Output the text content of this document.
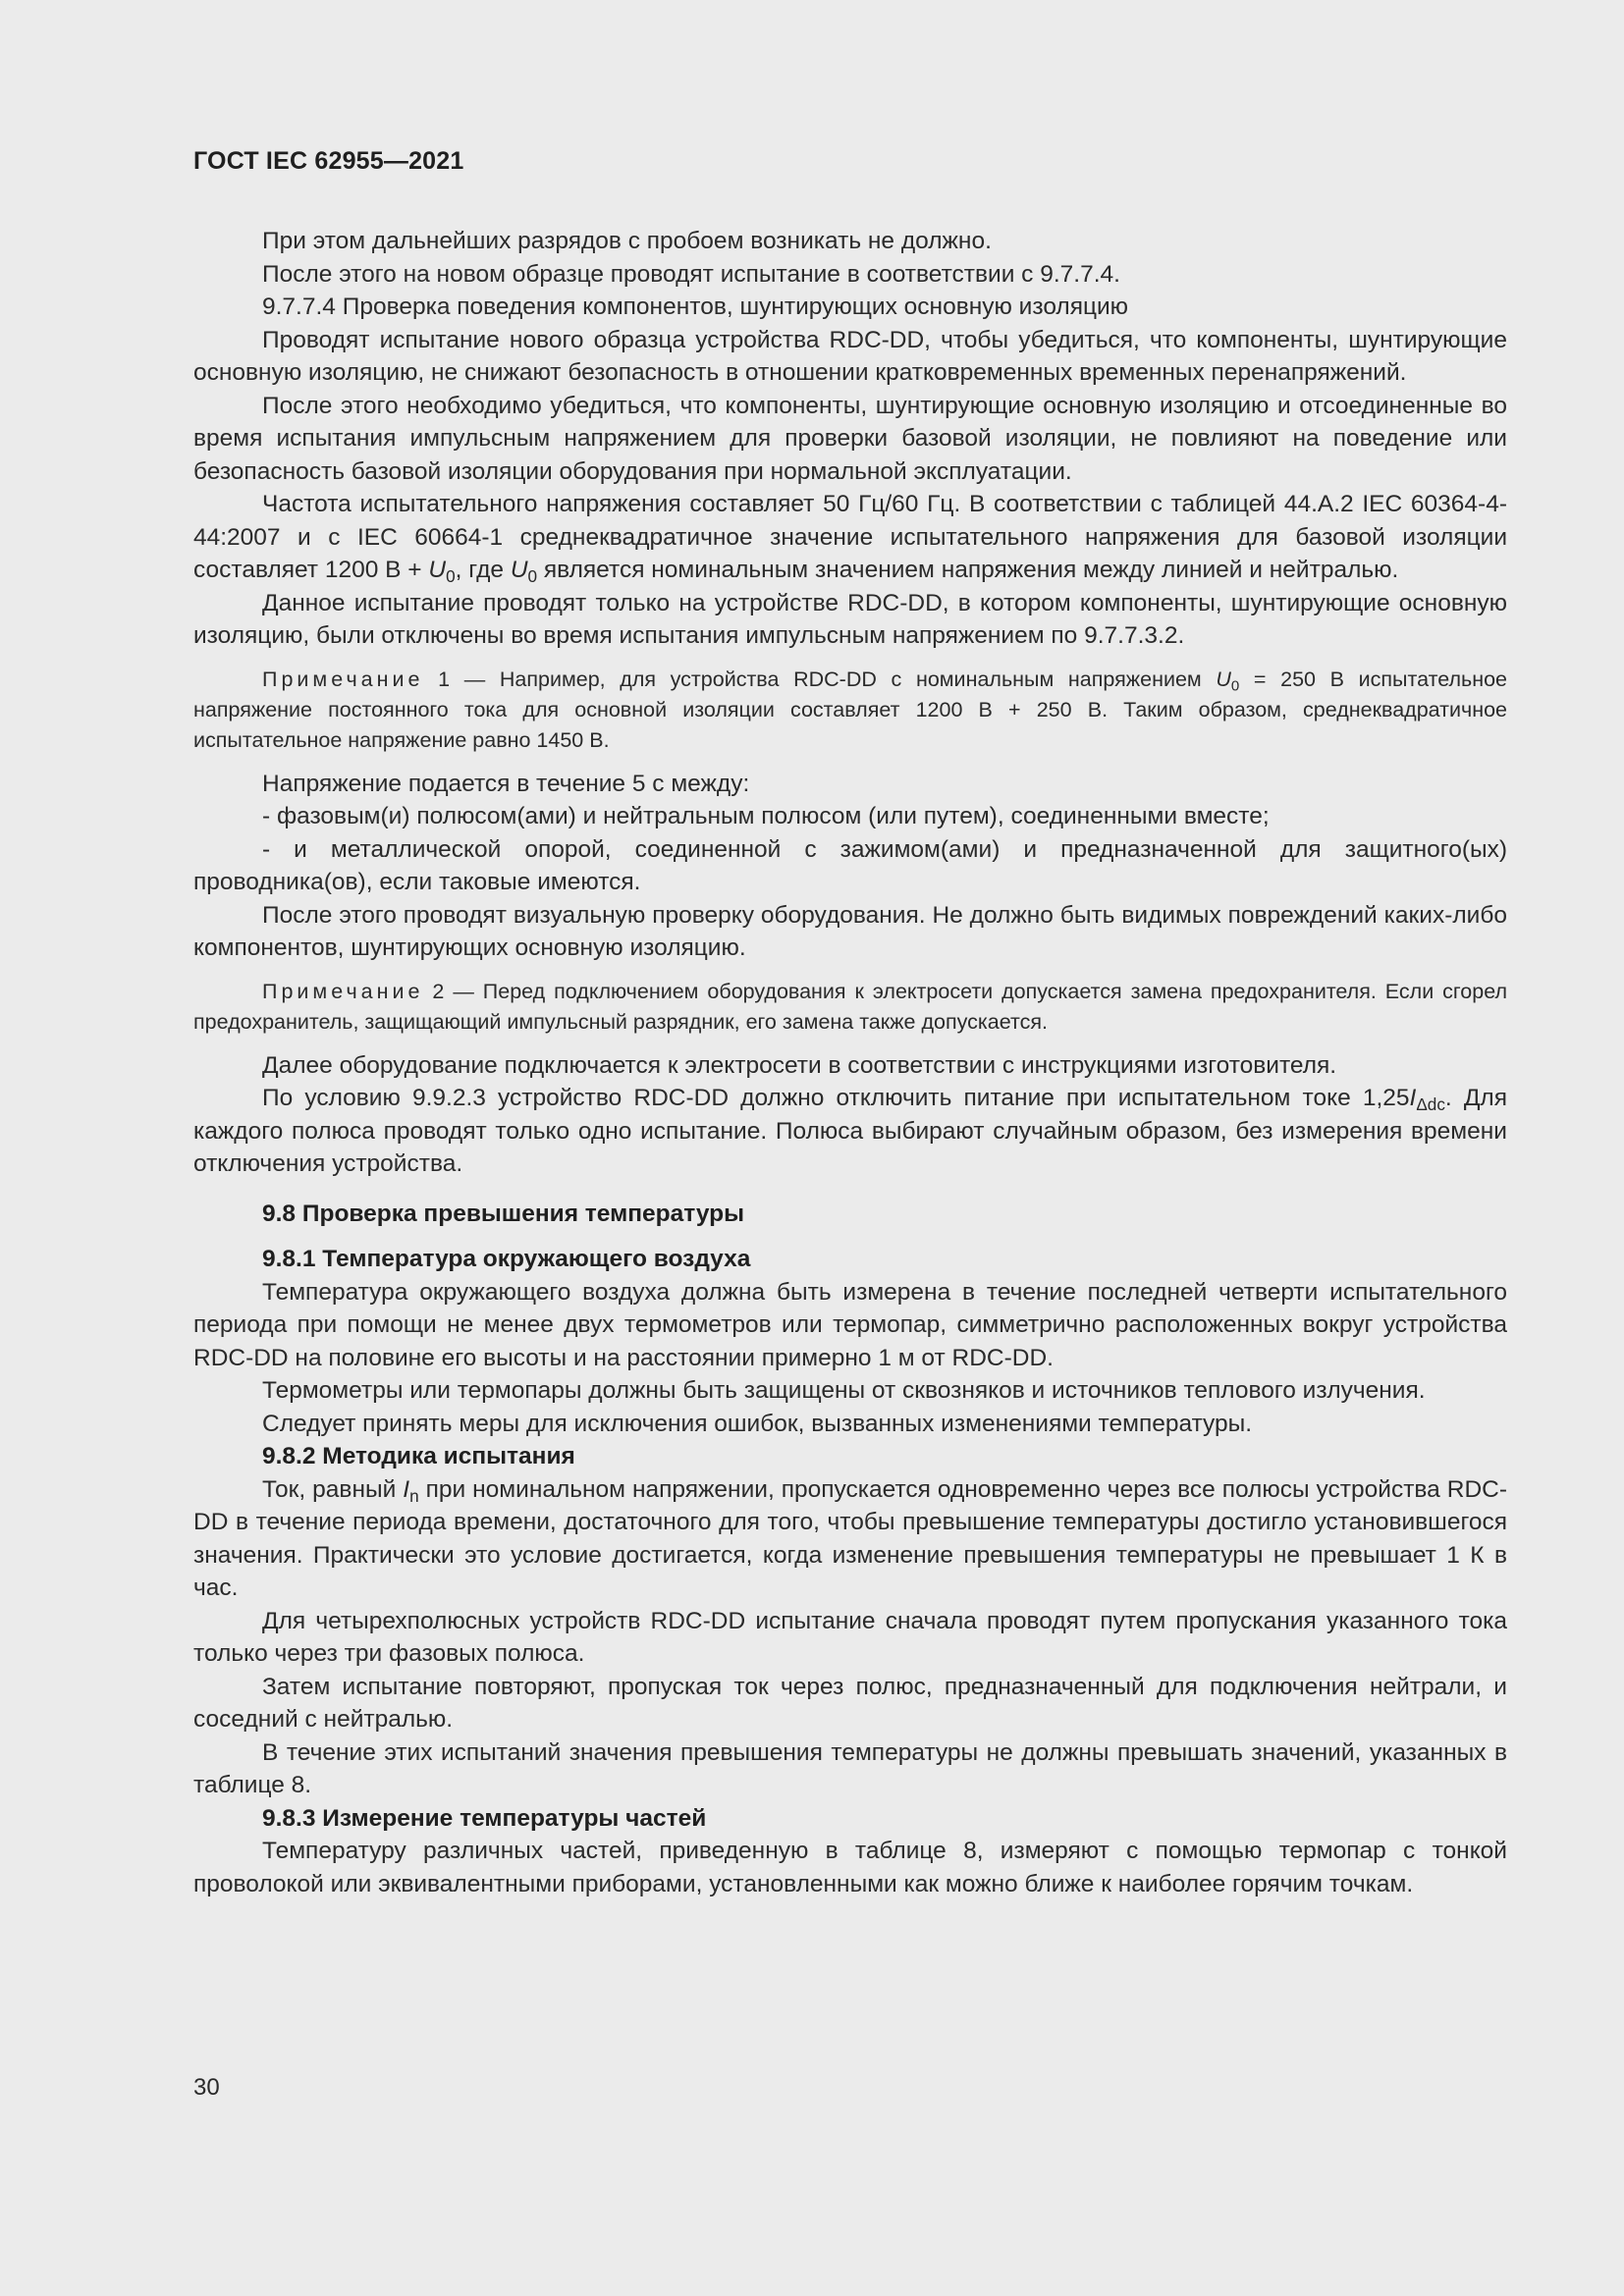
ГОСТ IEC 62955—2021

При этом дальнейших разрядов с пробоем возникать не должно.

После этого на новом образце проводят испытание в соответствии с 9.7.7.4.

9.7.7.4 Проверка поведения компонентов, шунтирующих основную изоляцию

Проводят испытание нового образца устройства RDC-DD, чтобы убедиться, что компоненты, шунтирующие основную изоляцию, не снижают безопасность в отношении кратковременных временных перенапряжений.

После этого необходимо убедиться, что компоненты, шунтирующие основную изоляцию и отсоединенные во время испытания импульсным напряжением для проверки базовой изоляции, не повлияют на поведение или безопасность базовой изоляции оборудования при нормальной эксплуатации.

Частота испытательного напряжения составляет 50 Гц/60 Гц. В соответствии с таблицей 44.А.2 IEC 60364-4-44:2007 и с IEC 60664-1 среднеквадратичное значение испытательного напряжения для базовой изоляции составляет 1200 $В + U_0$, где $U_0$ является номинальным значением напряжения между линией и нейтралью.

Данное испытание проводят только на устройстве RDC-DD, в котором компоненты, шунтирующие основную изоляцию, были отключены во время испытания импульсным напряжением по 9.7.7.3.2.

Примечание 1 — Например, для устройства RDC-DD с номинальным напряжением $U_0 = 250$ В испытательное напряжение постоянного тока для основной изоляции составляет 1200 В + 250 В. Таким образом, среднеквадратичное испытательное напряжение равно 1450 В.

Напряжение подается в течение 5 с между:

- фазовым(и) полюсом(ами) и нейтральным полюсом (или путем), соединенными вместе;

- и металлической опорой, соединенной с зажимом(ами) и предназначенной для защитного(ых) проводника(ов), если таковые имеются.

После этого проводят визуальную проверку оборудования. Не должно быть видимых повреждений каких-либо компонентов, шунтирующих основную изоляцию.

Примечание 2 — Перед подключением оборудования к электросети допускается замена предохранителя. Если сгорел предохранитель, защищающий импульсный разрядник, его замена также допускается.

Далее оборудование подключается к электросети в соответствии с инструкциями изготовителя.

По условию 9.9.2.3 устройство RDC-DD должно отключить питание при испытательном токе $1,25I_{\Delta dc}$. Для каждого полюса проводят только одно испытание. Полюса выбирают случайным образом, без измерения времени отключения устройства.

9.8 Проверка превышения температуры

9.8.1 Температура окружающего воздуха

Температура окружающего воздуха должна быть измерена в течение последней четверти испытательного периода при помощи не менее двух термометров или термопар, симметрично расположенных вокруг устройства RDC-DD на половине его высоты и на расстоянии примерно 1 м от RDC-DD.

Термометры или термопары должны быть защищены от сквозняков и источников теплового излучения.

Следует принять меры для исключения ошибок, вызванных изменениями температуры.

9.8.2 Методика испытания

Ток, равный $I_n$ при номинальном напряжении, пропускается одновременно через все полюсы устройства RDC-DD в течение периода времени, достаточного для того, чтобы превышение температуры достигло установившегося значения. Практически это условие достигается, когда изменение превышения температуры не превышает 1 К в час.

Для четырехполюсных устройств RDC-DD испытание сначала проводят путем пропускания указанного тока только через три фазовых полюса.

Затем испытание повторяют, пропуская ток через полюс, предназначенный для подключения нейтрали, и соседний с нейтралью.

В течение этих испытаний значения превышения температуры не должны превышать значений, указанных в таблице 8.

9.8.3 Измерение температуры частей

Температуру различных частей, приведенную в таблице 8, измеряют с помощью термопар с тонкой проволокой или эквивалентными приборами, установленными как можно ближе к наиболее горячим точкам.

30
